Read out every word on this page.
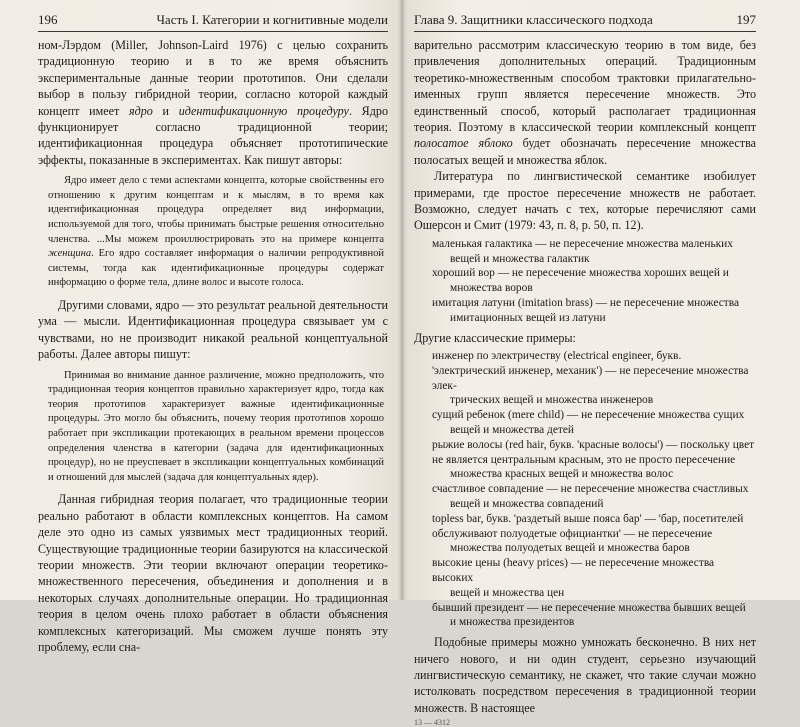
196	Часть I. Категории и когнитивные модели

ном-Лэрдом (Miller, Johnson-Laird 1976) с целью сохранить традиционную теорию и в то же время объяснить экспериментальные данные теории прототипов. Они сделали выбор в пользу гибридной теории, согласно которой каждый концепт имеет ядро и идентификационную процедуру. Ядро функционирует согласно традиционной теории; идентификационная процедура объясняет прототипические эффекты, показанные в экспериментах. Как пишут авторы:

Ядро имеет дело с теми аспектами концепта, которые свойственны его отношению к другим концептам и к мыслям, в то время как идентификационная процедура определяет вид информации, используемой для того, чтобы принимать быстрые решения относительно членства. ...Мы можем проиллюстрировать это на примере концепта женщина. Его ядро составляет информация о наличии репродуктивной системы, тогда как идентификационные процедуры содержат информацию о форме тела, длине волос и высоте голоса.

Другими словами, ядро — это результат реальной деятельности ума — мысли. Идентификационная процедура связывает ум с чувствами, но не производит никакой реальной концептуальной работы. Далее авторы пишут:

Принимая во внимание данное различение, можно предположить, что традиционная теория концептов правильно характеризует ядро, тогда как теория прототипов характеризует важные идентификационные процедуры. Это могло бы объяснить, почему теория прототипов хорошо работает при экспликации протекающих в реальном времени процессов определения членства в категории (задача для идентификационных процедур), но не преуспевает в экспликации концептуальных комбинаций и отношений для мыслей (задача для концептуальных ядер).

Данная гибридная теория полагает, что традиционные теории реально работают в области комплексных концептов. На самом деле это одно из самых уязвимых мест традиционных теорий. Существующие традиционные теории базируются на классической теории множеств. Эти теории включают операции теоретико-множественного пересечения, объединения и дополнения и в некоторых случаях дополнительные операции. Но традиционная теория в целом очень плохо работает в области объяснения комплексных категоризаций. Мы сможем лучше понять эту проблему, если сна-

Глава 9. Защитники классического подхода	197

варительно рассмотрим классическую теорию в том виде, без привлечения дополнительных операций. Традиционным теоретико-множественным способом трактовки прилагательно-именных групп является пересечение множеств. Это единственный способ, который располагает традиционная теория. Поэтому в классической теории комплексный концепт полосатое яблоко будет обозначать пересечение множества полосатых вещей и множества яблок.

Литература по лингвистической семантике изобилует примерами, где простое пересечение множеств не работает. Возможно, следует начать с тех, которые перечисляют сами Ошерсон и Смит (1979: 43, п. 8, р. 50, п. 12).

маленькая галактика — не пересечение множества маленьких
вещей и множества галактик
хороший вор — не пересечение множества хороших вещей и
множества воров
имитация латуни (imitation brass) — не пересечение множества
имитационных вещей из латуни

Другие классические примеры:

инженер по электричеству (electrical engineer, букв. 'электрический инженер, механик') — не пересечение множества элек-
трических вещей и множества инженеров
сущий ребенок (mere child) — не пересечение множества сущих
вещей и множества детей
рыжие волосы (red hair, букв. 'красные волосы') — поскольку цвет не является центральным красным, это не просто пересечение
множества красных вещей и множества волос
счастливое совпадение — не пересечение множества счастливых
вещей и множества совпадений
topless bar, букв. 'раздетый выше пояса бар' — 'бар, посетителей обслуживают полуодетые официантки' — не пересечение
множества полуодетых вещей и множества баров
высокие цены (heavy prices) — не пересечение множества высоких
вещей и множества цен
бывший президент — не пересечение множества бывших вещей
и множества президентов

Подобные примеры можно умножать бесконечно. В них нет ничего нового, и ни один студент, серьезно изучающий лингвистическую семантику, не скажет, что такие случаи можно истолковать посредством пересечения в традиционной теории множеств. В настоящее

13 — 4312
